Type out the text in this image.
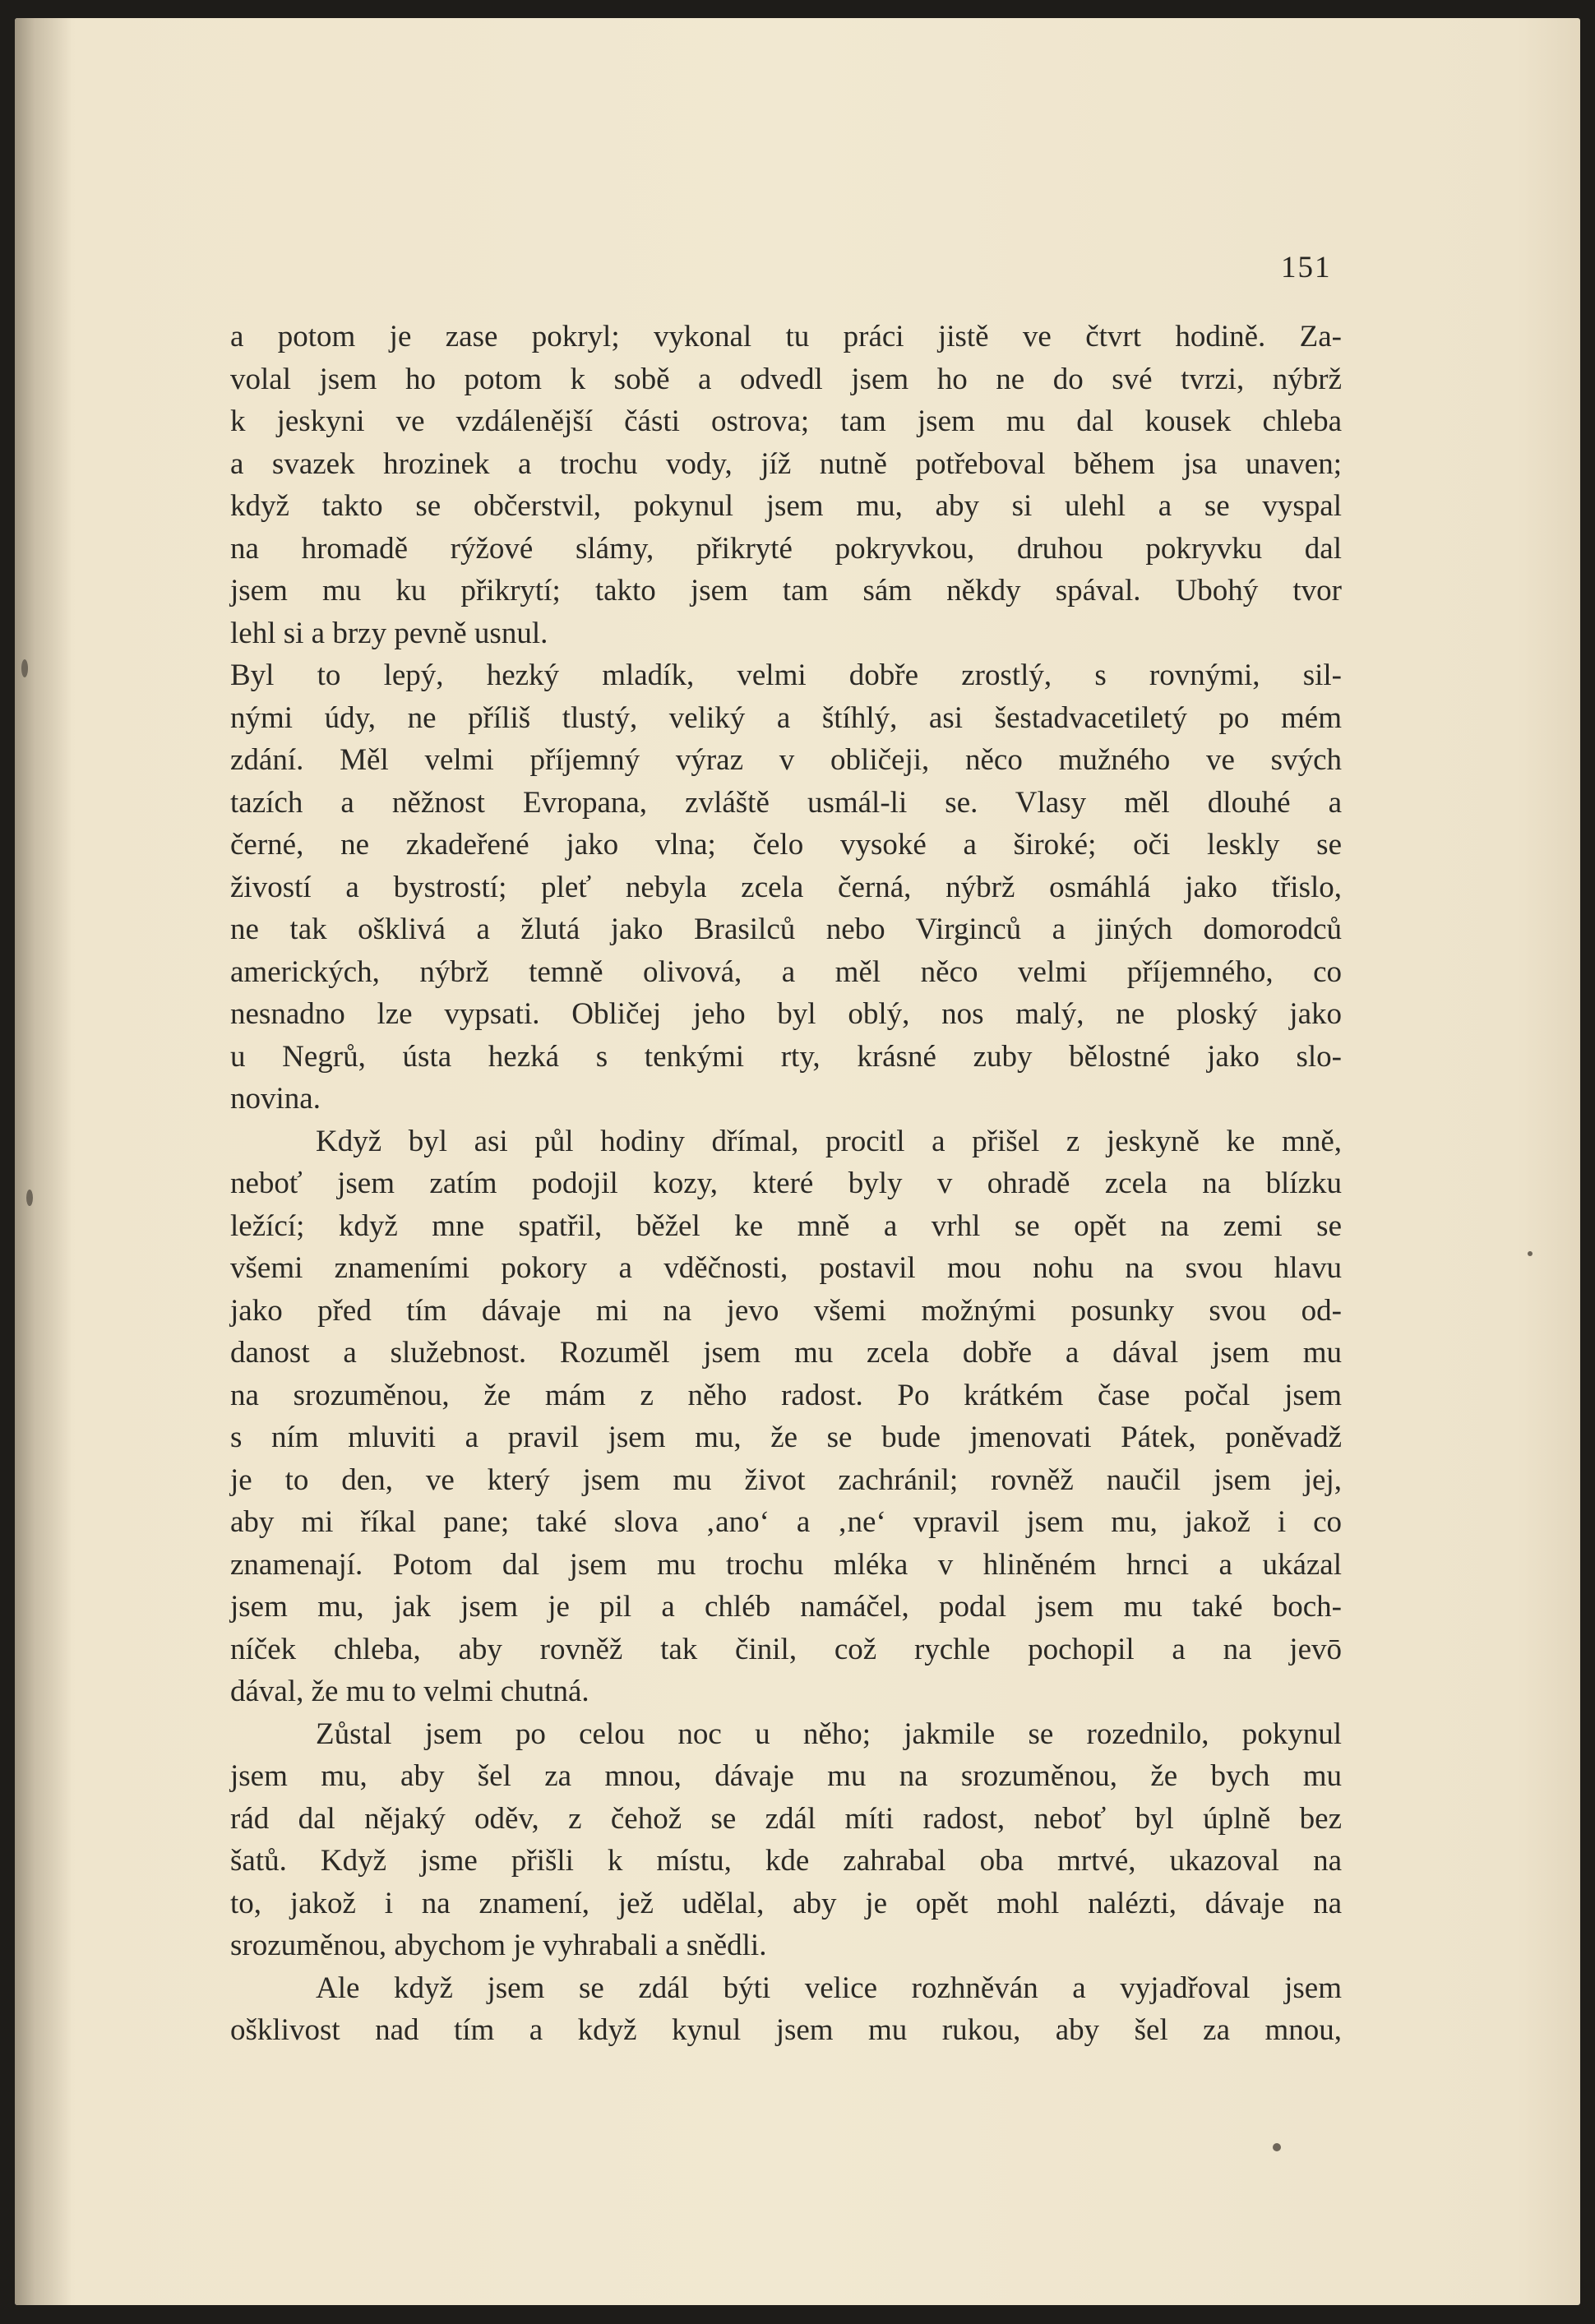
151
a potom je zase pokryl; vykonal tu práci jistě ve čtvrt hodině. Za-
volal jsem ho potom k sobě a odvedl jsem ho ne do své tvrzi, nýbrž
k jeskyni ve vzdálenější části ostrova; tam jsem mu dal kousek chleba
a svazek hrozinek a trochu vody, jíž nutně potřeboval během jsa unaven;
když takto se občerstvil, pokynul jsem mu, aby si ulehl a se vyspal
na hromadě rýžové slámy, přikryté pokryvkou, druhou pokryvku dal
jsem mu ku přikrytí; takto jsem tam sám někdy spával. Ubohý tvor
lehl si a brzy pevně usnul.
Byl to lepý, hezký mladík, velmi dobře zrostlý, s rovnými, sil-
nými údy, ne příliš tlustý, veliký a štíhlý, asi šestadvacetiletý po mém
zdání. Měl velmi příjemný výraz v obličeji, něco mužného ve svých
tazích a něžnost Evropana, zvláště usmál-li se. Vlasy měl dlouhé a
černé, ne zkadeřené jako vlna; čelo vysoké a široké; oči leskly se
živostí a bystrostí; pleť nebyla zcela černá, nýbrž osmáhlá jako třislo,
ne tak ošklivá a žlutá jako Brasilců nebo Virginců a jiných domorodců
amerických, nýbrž temně olivová, a měl něco velmi příjemného, co
nesnadno lze vypsati. Obličej jeho byl oblý, nos malý, ne ploský jako
u Negrů, ústa hezká s tenkými rty, krásné zuby bělostné jako slo-
novina.
Když byl asi půl hodiny dřímal, procitl a přišel z jeskyně ke mně,
neboť jsem zatím podojil kozy, které byly v ohradě zcela na blízku
ležící; když mne spatřil, běžel ke mně a vrhl se opět na zemi se
všemi znameními pokory a vděčnosti, postavil mou nohu na svou hlavu
jako před tím dávaje mi na jevo všemi možnými posunky svou od-
danost a služebnost. Rozuměl jsem mu zcela dobře a dával jsem mu
na srozuměnou, že mám z něho radost. Po krátkém čase počal jsem
s ním mluviti a pravil jsem mu, že se bude jmenovati Pátek, poněvadž
je to den, ve který jsem mu život zachránil; rovněž naučil jsem jej,
aby mi říkal pane; také slova ‚ano‘ a ‚ne‘ vpravil jsem mu, jakož i co
znamenají. Potom dal jsem mu trochu mléka v hliněném hrnci a ukázal
jsem mu, jak jsem je pil a chléb namáčel, podal jsem mu také boch-
níček chleba, aby rovněž tak činil, což rychle pochopil a na jevō
dával, že mu to velmi chutná.
Zůstal jsem po celou noc u něho; jakmile se rozednilo, pokynul
jsem mu, aby šel za mnou, dávaje mu na srozuměnou, že bych mu
rád dal nějaký oděv, z čehož se zdál míti radost, neboť byl úplně bez
šatů. Když jsme přišli k místu, kde zahrabal oba mrtvé, ukazoval na
to, jakož i na znamení, jež udělal, aby je opět mohl nalézti, dávaje na
srozuměnou, abychom je vyhrabali a snědli.
Ale když jsem se zdál býti velice rozhněván a vyjadřoval jsem
ošklivost nad tím a když kynul jsem mu rukou, aby šel za mnou,
